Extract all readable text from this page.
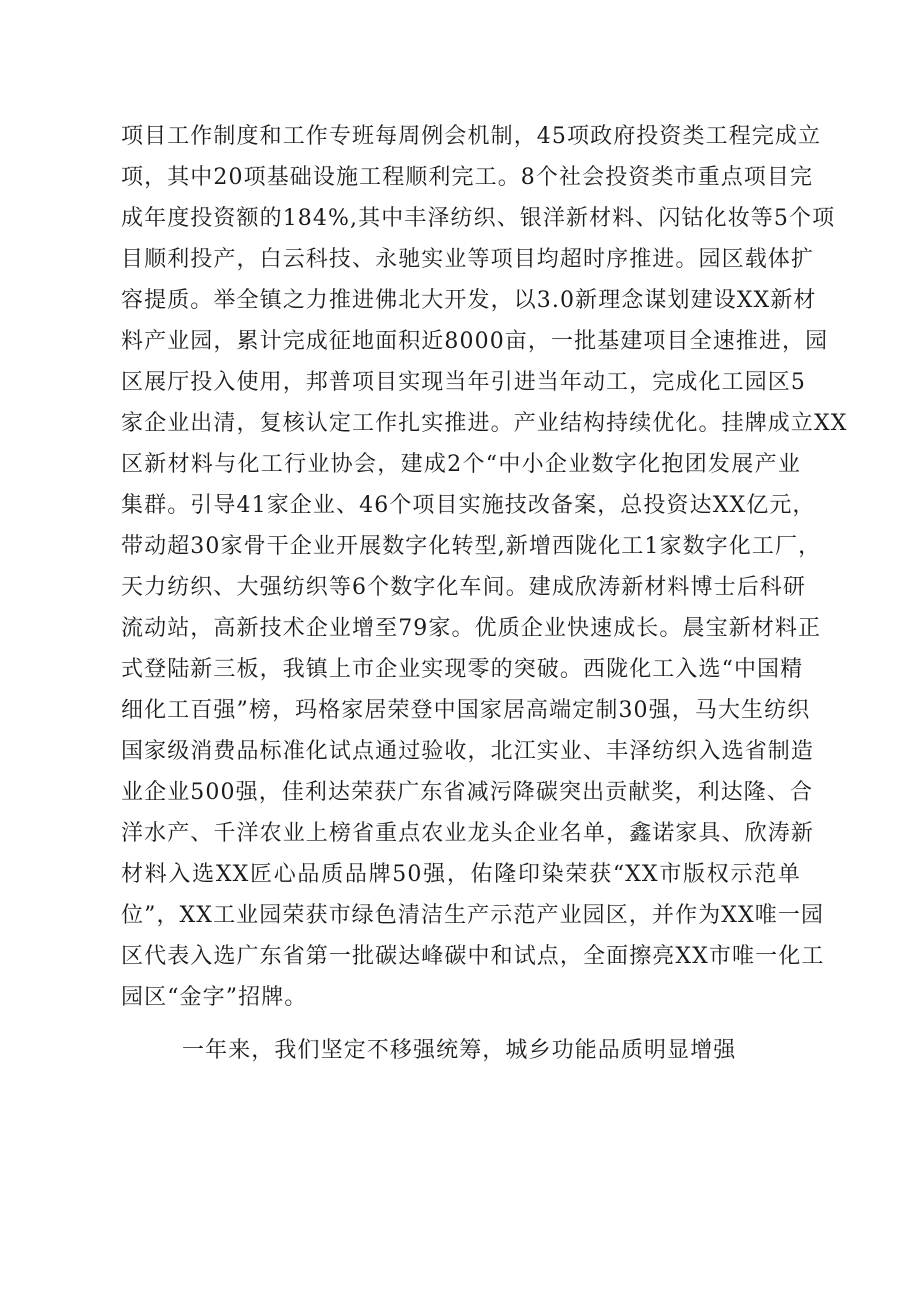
项目工作制度和工作专班每周例会机制，45项政府投资类工程完成立
项，其中20项基础设施工程顺利完工。8个社会投资类市重点项目完
成年度投资额的184%,其中丰泽纺织、银洋新材料、闪钴化妆等5个项
目顺利投产，白云科技、永驰实业等项目均超时序推进。园区载体扩
容提质。举全镇之力推进佛北大开发，以3.0新理念谋划建设XX新材
料产业园，累计完成征地面积近8000亩，一批基建项目全速推进，园
区展厅投入使用，邦普项目实现当年引进当年动工，完成化工园区5
家企业出清，复核认定工作扎实推进。产业结构持续优化。挂牌成立XX
区新材料与化工行业协会，建成2个“中小企业数字化抱团发展产业
集群。引导41家企业、46个项目实施技改备案，总投资达XX亿元，
带动超30家骨干企业开展数字化转型,新增西陇化工1家数字化工厂，
天力纺织、大强纺织等6个数字化车间。建成欣涛新材料博士后科研
流动站，高新技术企业增至79家。优质企业快速成长。晨宝新材料正
式登陆新三板，我镇上市企业实现零的突破。西陇化工入选“中国精
细化工百强”榜，玛格家居荣登中国家居高端定制30强，马大生纺织
国家级消费品标准化试点通过验收，北江实业、丰泽纺织入选省制造
业企业500强，佳利达荣获广东省减污降碳突出贡献奖，利达隆、合
洋水产、千洋农业上榜省重点农业龙头企业名单，鑫诺家具、欣涛新
材料入选XX匠心品质品牌50强，佑隆印染荣获“XX市版权示范单
位”，XX工业园荣获市绿色清洁生产示范产业园区，并作为XX唯一园
区代表入选广东省第一批碳达峰碳中和试点，全面擦亮XX市唯一化工
园区“金字”招牌。
一年来，我们坚定不移强统筹，城乡功能品质明显增强
